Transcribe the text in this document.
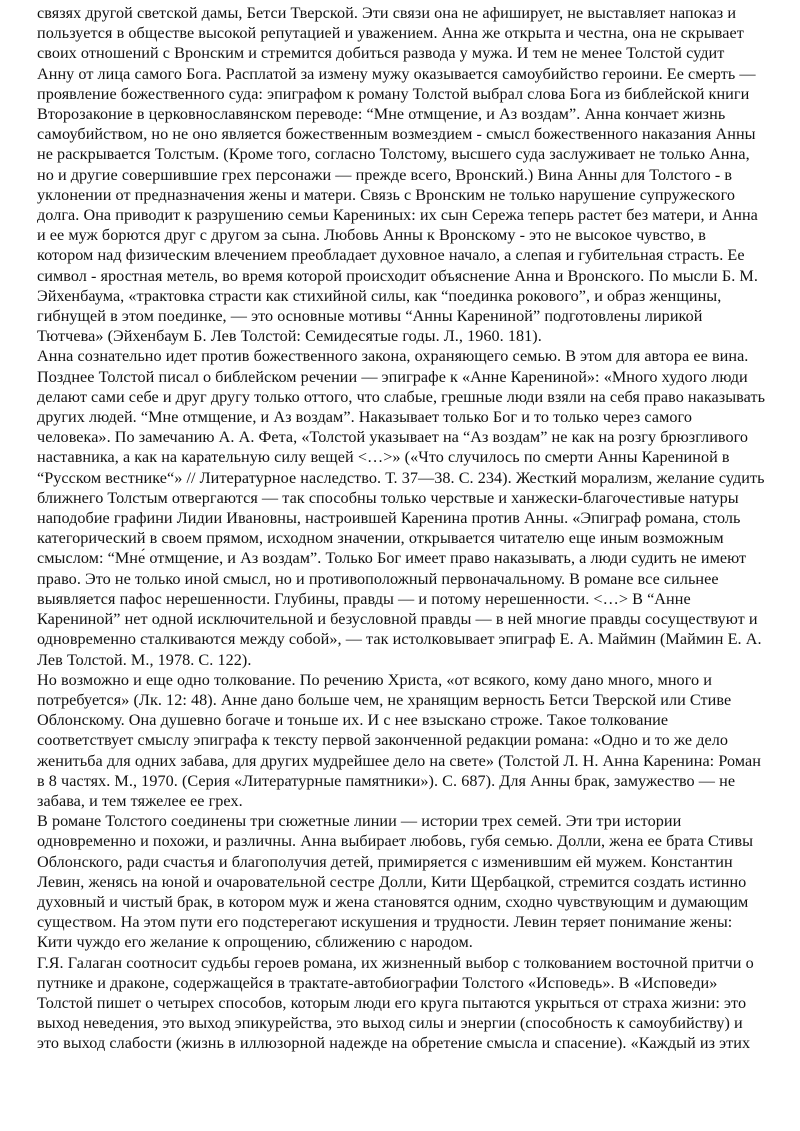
связях другой светской дамы, Бетси Тверской. Эти связи она не афиширует, не выставляет напоказ и пользуется в обществе высокой репутацией и уважением. Анна же открыта и честна, она не скрывает своих отношений с Вронским и стремится добиться развода у мужа. И тем не менее Толстой судит Анну от лица самого Бога. Расплатой за измену мужу оказывается самоубийство героини. Ее смерть — проявление божественного суда: эпиграфом к роману Толстой выбрал слова Бога из библейской книги Второзаконие в церковнославянском переводе: “Мне отмщение, и Аз воздам”. Анна кончает жизнь самоубийством, но не оно является божественным возмездием - смысл божественного наказания Анны не раскрывается Толстым. (Кроме того, согласно Толстому, высшего суда заслуживает не только Анна, но и другие совершившие грех персонажи — прежде всего, Вронский.) Вина Анны для Толстого - в уклонении от предназначения жены и матери. Связь с Вронским не только нарушение супружеского долга. Она приводит к разрушению семьи Карениных: их сын Сережа теперь растет без матери, и Анна и ее муж борются друг с другом за сына. Любовь Анны к Вронскому - это не высокое чувство, в котором над физическим влечением преобладает духовное начало, а слепая и губительная страсть. Ее символ - яростная метель, во время которой происходит объяснение Анна и Вронского. По мысли Б. М. Эйхенбаума, «трактовка страсти как стихийной силы, как “поединка рокового”, и образ женщины, гибнущей в этом поединке, — это основные мотивы “Анны Карениной” подготовлены лирикой Тютчева» (Эйхенбаум Б. Лев Толстой: Семидесятые годы. Л., 1960. 181).

Анна сознательно идет против божественного закона, охраняющего семью. В этом для автора ее вина. Позднее Толстой писал о библейском речении — эпиграфе к «Анне Карениной»: «Много худого люди делают сами себе и друг другу только оттого, что слабые, грешные люди взяли на себя право наказывать других людей. “Мне отмщение, и Аз воздам”. Наказывает только Бог и то только через самого человека». По замечанию А. А. Фета, «Толстой указывает на “Аз воздам” не как на розгу брюзгливого наставника, а как на карательную силу вещей <…>» («Что случилось по смерти Анны Карениной в “Русском вестнике“» // Литературное наследство. Т. 37—38. С. 234). Жесткий морализм, желание судить ближнего Толстым отвергаются — так способны только черствые и ханжески-благочестивые натуры наподобие графини Лидии Ивановны, настроившей Каренина против Анны. «Эпиграф романа, столь категорический в своем прямом, исходном значении, открывается читателю еще иным возможным смыслом: “Мне́ отмщение, и Аз воздам”. Только Бог имеет право наказывать, а люди судить не имеют право. Это не только иной смысл, но и противоположный первоначальному. В романе все сильнее выявляется пафос нерешенности. Глубины, правды — и потому нерешенности. <…> В “Анне Карениной” нет одной исключительной и безусловной правды — в ней многие правды сосуществуют и одновременно сталкиваются между собой», — так истолковывает эпиграф Е. А. Маймин (Маймин Е. А. Лев Толстой. М., 1978. С. 122).

Но возможно и еще одно толкование. По речению Христа, «от всякого, кому дано много, много и потребуется» (Лк. 12: 48). Анне дано больше чем, не хранящим верность Бетси Тверской или Стиве Облонскому. Она душевно богаче и тоньше их. И с нее взыскано строже. Такое толкование соответствует смыслу эпиграфа к тексту первой законченной редакции романа: «Одно и то же дело женитьба для одних забава, для других мудрейшее дело на свете» (Толстой Л. Н. Анна Каренина: Роман в 8 частях. М., 1970. (Серия «Литературные памятники»). С. 687). Для Анны брак, замужество — не забава, и тем тяжелее ее грех.

В романе Толстого соединены три сюжетные линии — истории трех семей. Эти три истории одновременно и похожи, и различны. Анна выбирает любовь, губя семью. Долли, жена ее брата Стивы Облонского, ради счастья и благополучия детей, примиряется с изменившим ей мужем. Константин Левин, женясь на юной и очаровательной сестре Долли, Кити Щербацкой, стремится создать истинно духовный и чистый брак, в котором муж и жена становятся одним, сходно чувствующим и думающим существом. На этом пути его подстерегают искушения и трудности. Левин теряет понимание жены: Кити чуждо его желание к опрощению, сближению с народом.

Г.Я. Галаган соотносит судьбы героев романа, их жизненный выбор с толкованием восточной притчи о путнике и драконе, содержащейся в трактате-автобиографии Толстого «Исповедь». В «Исповеди» Толстой пишет о четырех способов, которым люди его круга пытаются укрыться от страха жизни: это выход неведения, это выход эпикурейства, это выход силы и энергии (способность к самоубийству) и это выход слабости (жизнь в иллюзорной надежде на обретение смысла и спасение). «Каждый из этих
